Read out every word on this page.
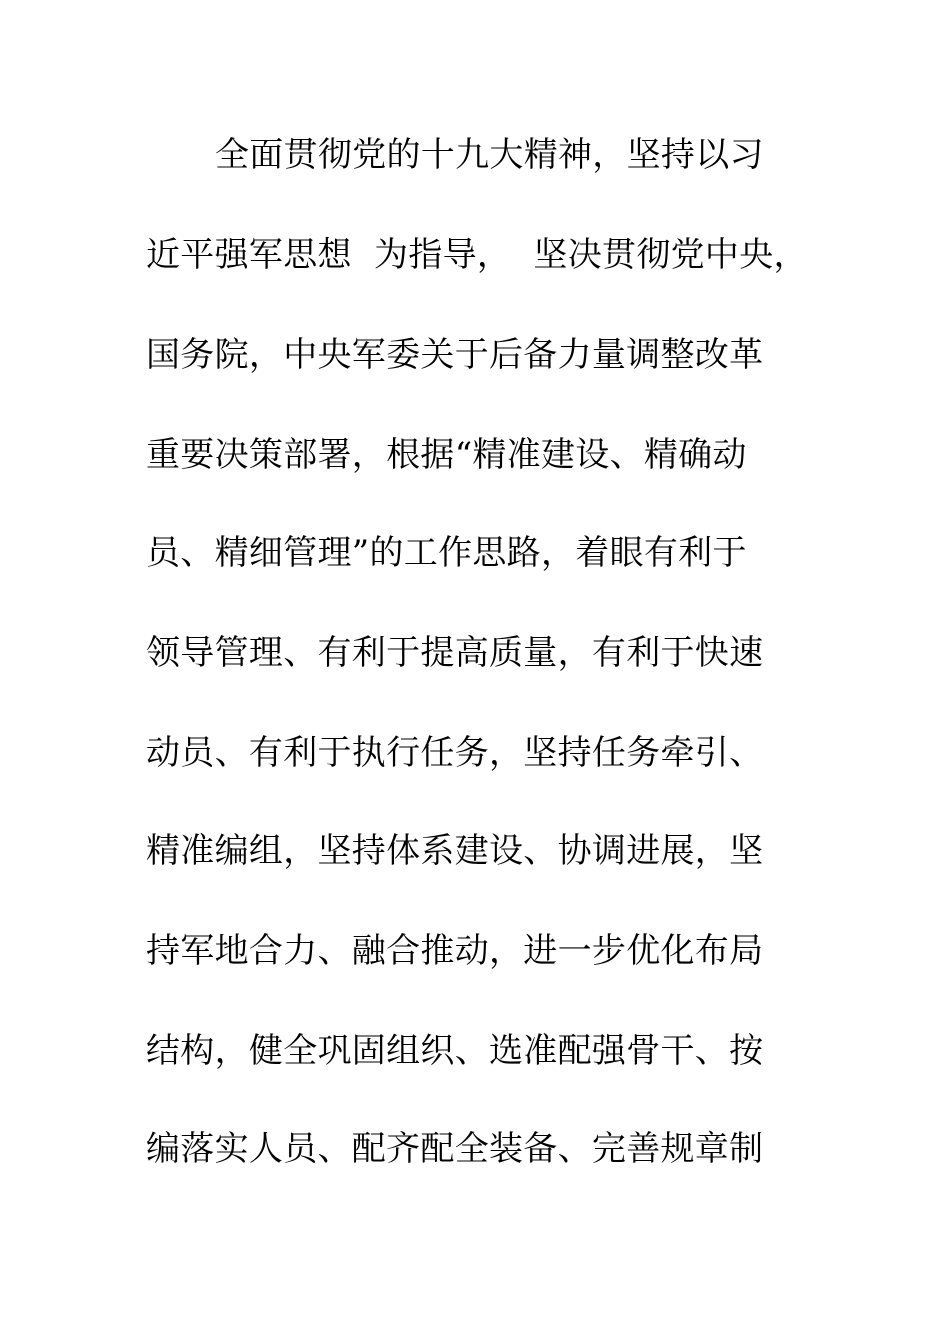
全面贯彻党的十九大精神，坚持以习
近平强军思想  为指导，  坚决贯彻党中央，
国务院，中央军委关于后备力量调整改革
重要决策部署，根据“精准建设、精确动
员、精细管理”的工作思路，着眼有利于
领导管理、有利于提高质量，有利于快速
动员、有利于执行任务，坚持任务牵引、
精准编组，坚持体系建设、协调进展，坚
持军地合力、融合推动，进一步优化布局
结构，健全巩固组织、选准配强骨干、按
编落实人员、配齐配全装备、完善规章制
